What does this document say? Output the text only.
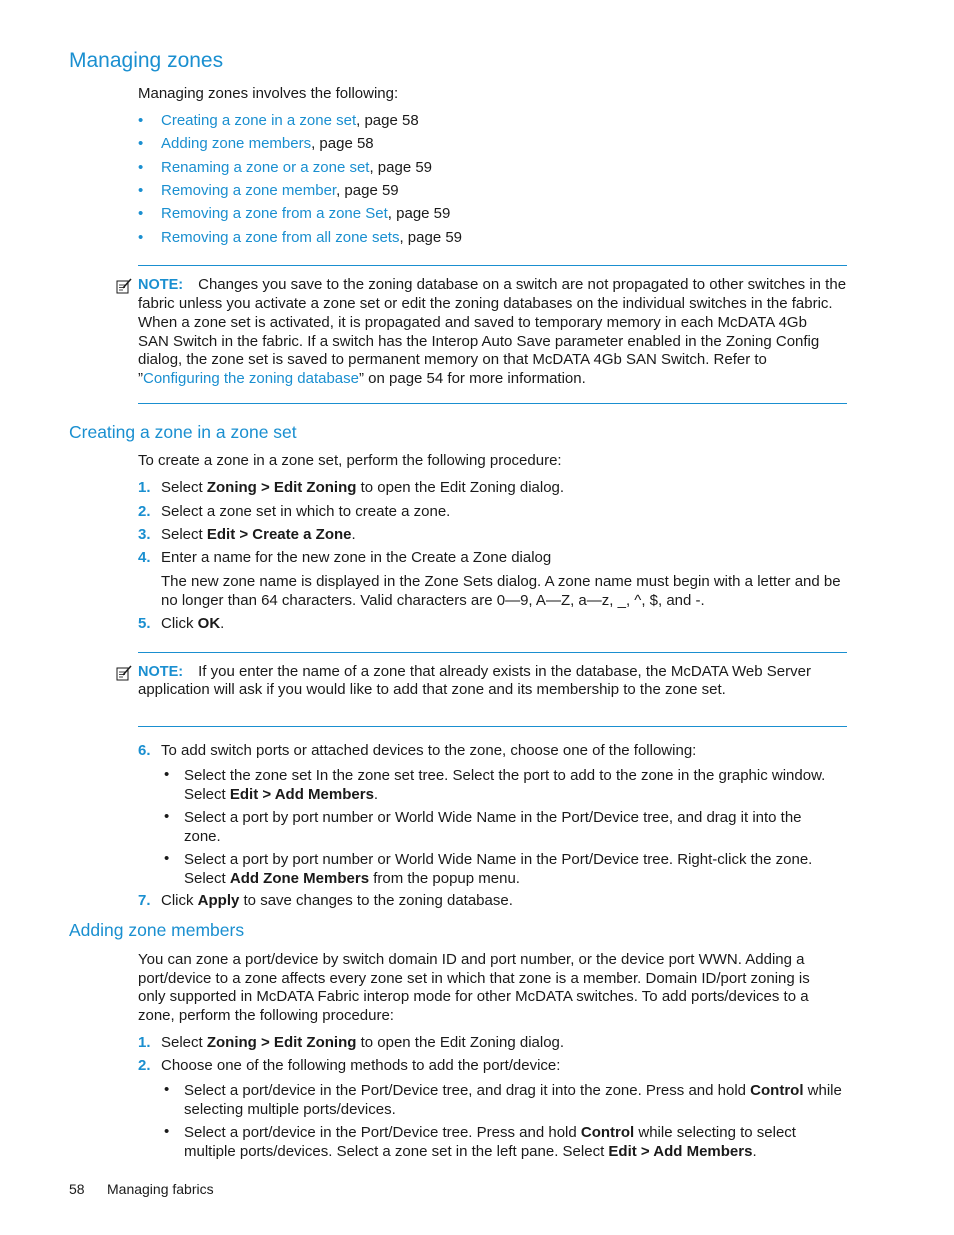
Managing zones
Managing zones involves the following:
• Creating a zone in a zone set, page 58
• Adding zone members, page 58
• Renaming a zone or a zone set, page 59
• Removing a zone member, page 59
• Removing a zone from a zone Set, page 59
• Removing a zone from all zone sets, page 59
NOTE: Changes you save to the zoning database on a switch are not propagated to other switches in the
fabric unless you activate a zone set or edit the zoning databases on the individual switches in the fabric.
When a zone set is activated, it is propagated and saved to temporary memory in each McDATA 4Gb
SAN Switch in the fabric. If a switch has the Interop Auto Save parameter enabled in the Zoning Config
dialog, the zone set is saved to permanent memory on that McDATA 4Gb SAN Switch. Refer to
”Configuring the zoning database” on page 54 for more information.
Creating a zone in a zone set
To create a zone in a zone set, perform the following procedure:
1. Select Zoning > Edit Zoning to open the Edit Zoning dialog.
2. Select a zone set in which to create a zone.
3. Select Edit > Create a Zone.
4. Enter a name for the new zone in the Create a Zone dialog
The new zone name is displayed in the Zone Sets dialog. A zone name must begin with a letter and be
no longer than 64 characters. Valid characters are 0—9, A—Z, a—z, _, ^, $, and -.
5. Click OK.
NOTE: If you enter the name of a zone that already exists in the database, the McDATA Web Server
application will ask if you would like to add that zone and its membership to the zone set.
6. To add switch ports or attached devices to the zone, choose one of the following:
• Select the zone set In the zone set tree. Select the port to add to the zone in the graphic window.
Select Edit > Add Members.
• Select a port by port number or World Wide Name in the Port/Device tree, and drag it into the
zone.
• Select a port by port number or World Wide Name in the Port/Device tree. Right-click the zone.
Select Add Zone Members from the popup menu.
7. Click Apply to save changes to the zoning database.
Adding zone members
You can zone a port/device by switch domain ID and port number, or the device port WWN. Adding a
port/device to a zone affects every zone set in which that zone is a member. Domain ID/port zoning is
only supported in McDATA Fabric interop mode for other McDATA switches. To add ports/devices to a
zone, perform the following procedure:
1. Select Zoning > Edit Zoning to open the Edit Zoning dialog.
2. Choose one of the following methods to add the port/device:
• Select a port/device in the Port/Device tree, and drag it into the zone. Press and hold Control while
selecting multiple ports/devices.
• Select a port/device in the Port/Device tree. Press and hold Control while selecting to select
multiple ports/devices. Select a zone set in the left pane. Select Edit > Add Members.
58 Managing fabrics
